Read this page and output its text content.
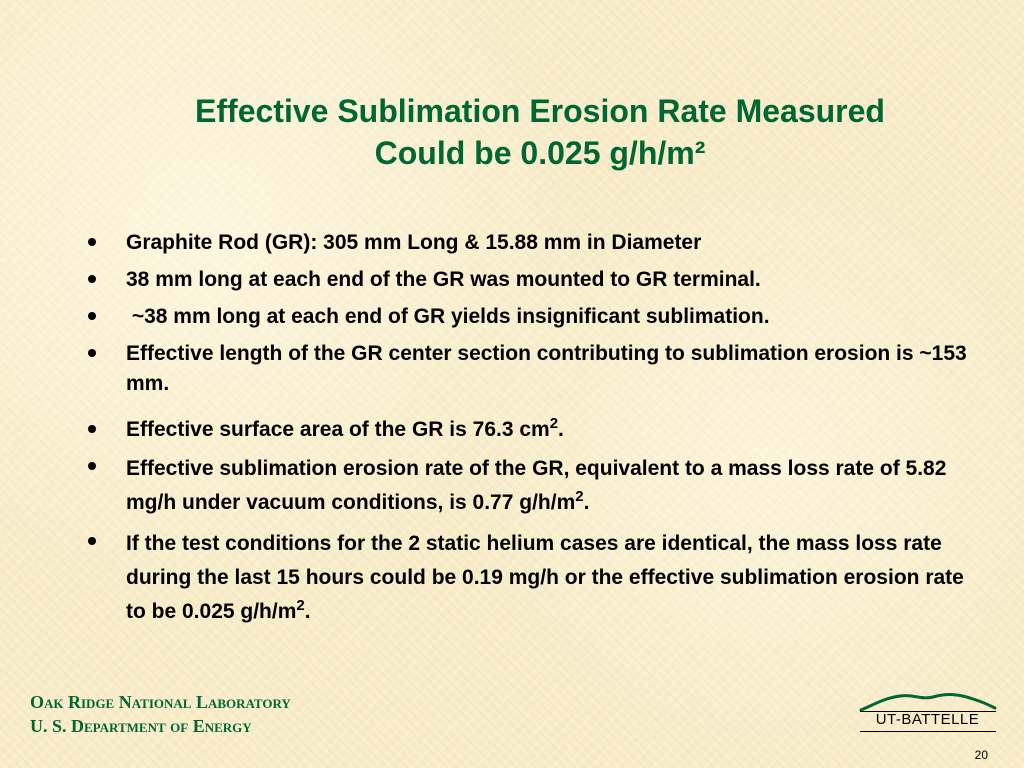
Effective Sublimation Erosion Rate Measured
Could be 0.025 g/h/m²
Graphite Rod (GR): 305 mm Long & 15.88 mm in Diameter
38 mm long at each end of the GR was mounted to GR terminal.
~38 mm long at each end of GR yields insignificant sublimation.
Effective length of the GR center section contributing to sublimation erosion is ~153 mm.
Effective surface area of the GR is 76.3 $cm^2$.
Effective sublimation erosion rate of the GR, equivalent to a mass loss rate of 5.82 mg/h under vacuum conditions, is 0.77 $g/h/m^2$.
If the test conditions for the 2 static helium cases are identical, the mass loss rate during the last 15 hours could be 0.19 mg/h or the effective sublimation erosion rate to be 0.025 $g/h/m^2$.
Oak Ridge National Laboratory
U. S. Department of Energy	UT-BATTELLE
20
